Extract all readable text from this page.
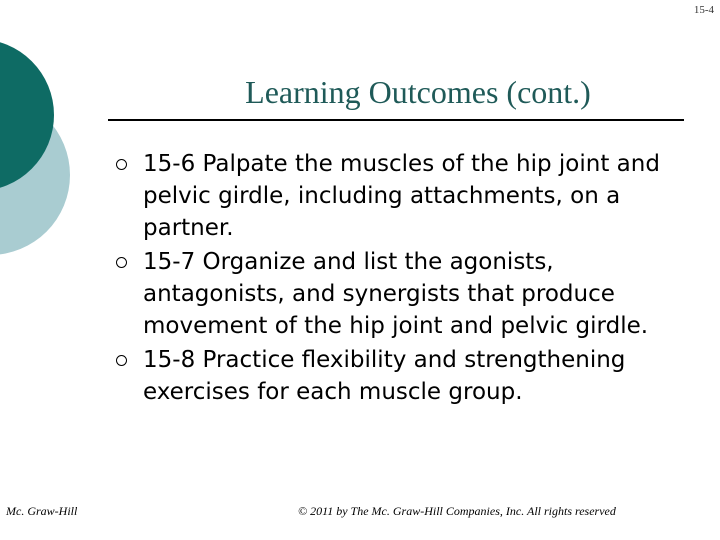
15-4
Learning Outcomes (cont.)
15-6 Palpate the muscles of the hip joint and pelvic girdle, including attachments, on a partner.
15-7 Organize and list the agonists, antagonists, and synergists that produce movement of the hip joint and pelvic girdle.
15-8 Practice flexibility and strengthening exercises for each muscle group.
Mc. Graw-Hill	© 2011 by The Mc. Graw-Hill Companies, Inc. All rights reserved
